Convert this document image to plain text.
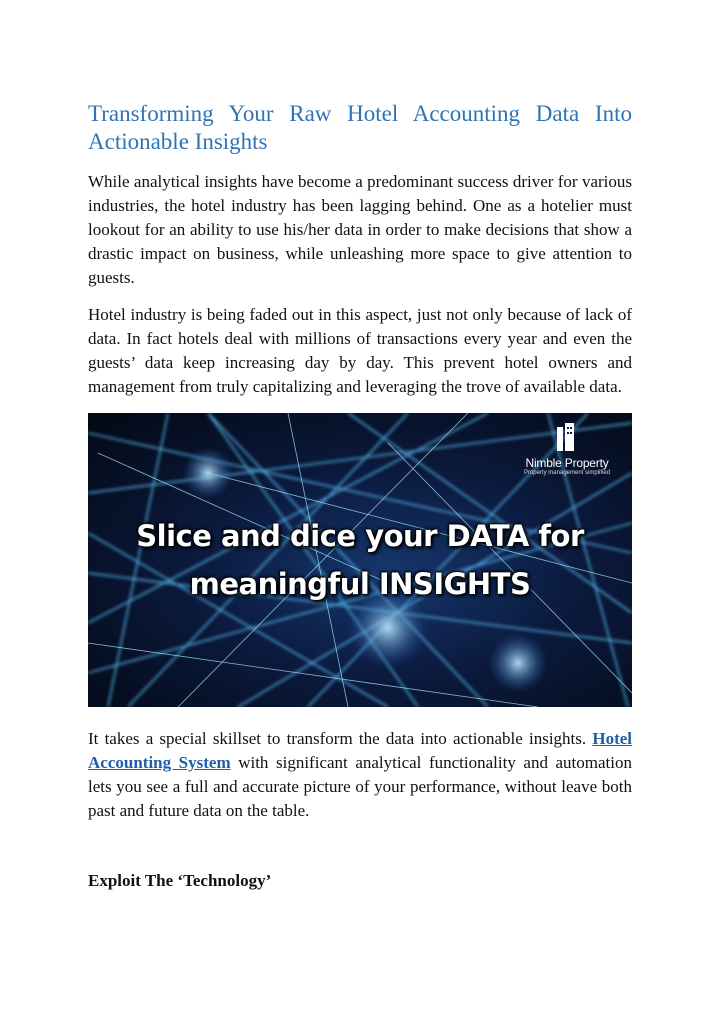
Transforming Your Raw Hotel Accounting Data Into Actionable Insights

While analytical insights have become a predominant success driver for various industries, the hotel industry has been lagging behind. One as a hotelier must lookout for an ability to use his/her data in order to make decisions that show a drastic impact on business, while unleashing more space to give attention to guests.

Hotel industry is being faded out in this aspect, just not only because of lack of data. In fact hotels deal with millions of transactions every year and even the guests’ data keep increasing day by day. This prevent hotel owners and management from truly capitalizing and leveraging the trove of available data.

Nimble Property
Property management simplified
Slice and dice your DATA for
meaningful INSIGHTS

It takes a special skillset to transform the data into actionable insights. Hotel Accounting System with significant analytical functionality and automation lets you see a full and accurate picture of your performance, without leave both past and future data on the table.

Exploit The ‘Technology’
